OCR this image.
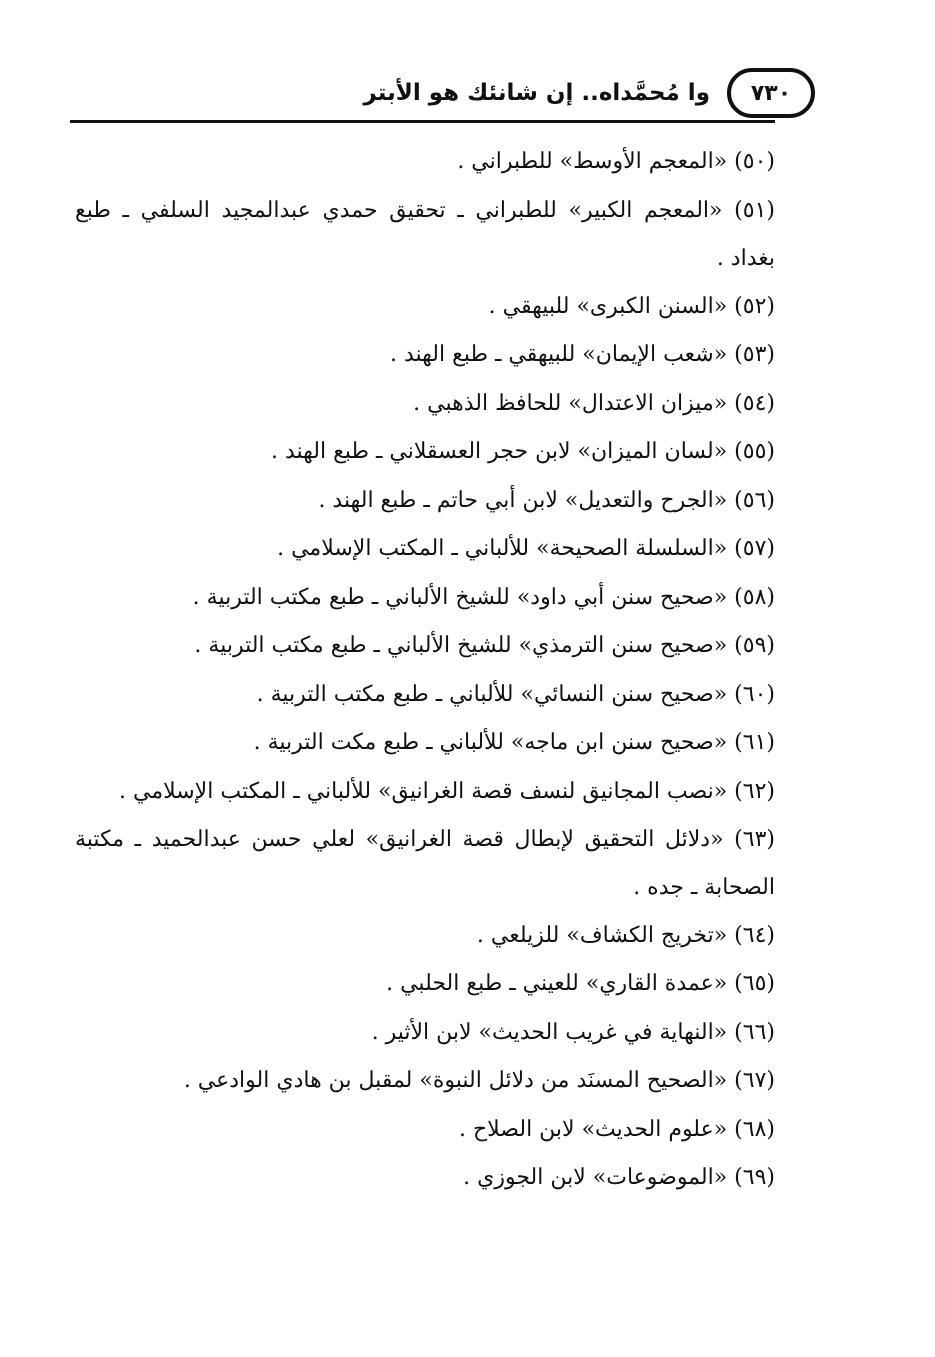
وا مُحمَّداه.. إن شانئك هو الأبتر	٧٣٠

(٥٠) «المعجم الأوسط» للطبراني .

(٥١) «المعجم الكبير» للطبراني ـ تحقيق حمدي عبدالمجيد السلفي ـ طبع بغداد .

(٥٢) «السنن الكبرى» للبيهقي .

(٥٣) «شعب الإيمان» للبيهقي ـ طبع الهند .

(٥٤) «ميزان الاعتدال» للحافظ الذهبي .

(٥٥) «لسان الميزان» لابن حجر العسقلاني ـ طبع الهند .

(٥٦) «الجرح والتعديل» لابن أبي حاتم ـ طبع الهند .

(٥٧) «السلسلة الصحيحة» للألباني ـ المكتب الإسلامي .

(٥٨) «صحيح سنن أبي داود» للشيخ الألباني ـ طبع مكتب التربية .

(٥٩) «صحيح سنن الترمذي» للشيخ الألباني ـ طبع مكتب التربية .

(٦٠) «صحيح سنن النسائي» للألباني ـ طبع مكتب التربية .

(٦١) «صحيح سنن ابن ماجه» للألباني ـ طبع مكت التربية .

(٦٢) «نصب المجانيق لنسف قصة الغرانيق» للألباني ـ المكتب الإسلامي .

(٦٣) «دلائل التحقيق لإبطال قصة الغرانيق» لعلي حسن عبدالحميد ـ مكتبة الصحابة ـ جده .

(٦٤) «تخريج الكشاف» للزيلعي .

(٦٥) «عمدة القاري» للعيني ـ طبع الحلبي .

(٦٦) «النهاية في غريب الحديث» لابن الأثير .

(٦٧) «الصحيح المسنَد من دلائل النبوة» لمقبل بن هادي الوادعي .

(٦٨) «علوم الحديث» لابن الصلاح .

(٦٩) «الموضوعات» لابن الجوزي .
